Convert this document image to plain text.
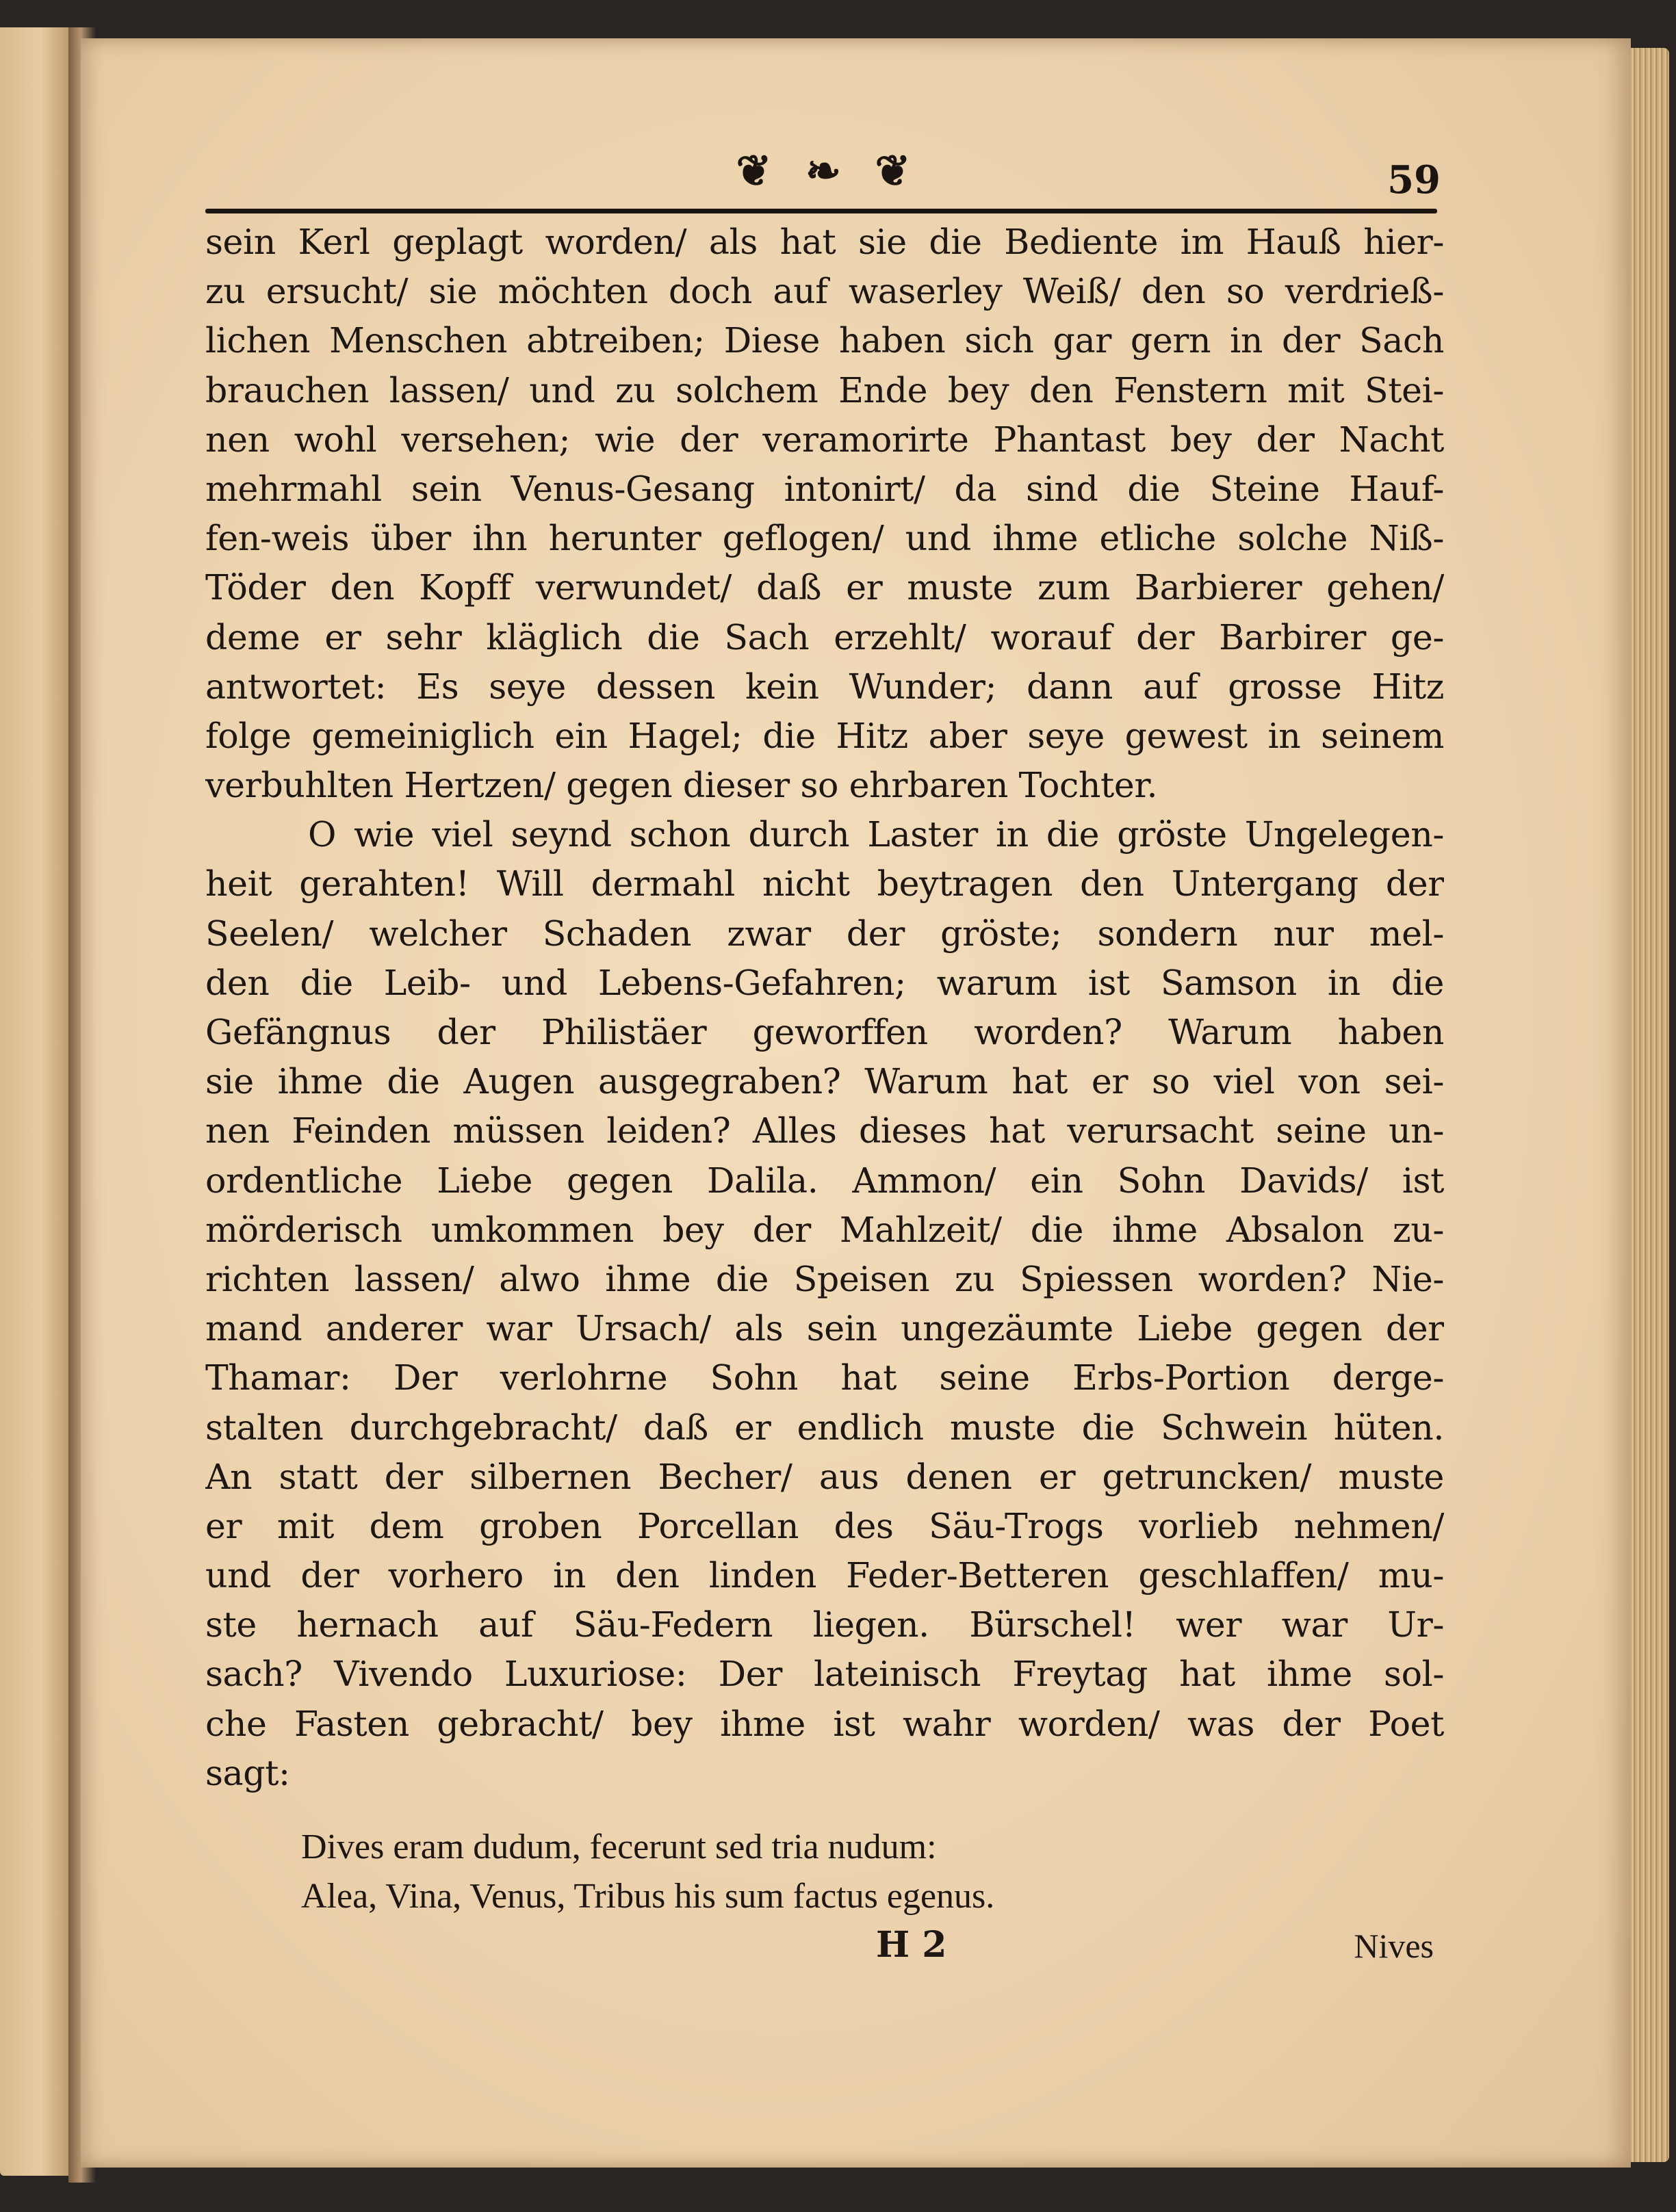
❦ ❧ ❦	59
sein Kerl geplagt worden/ als hat sie die Bediente im Hauß hier-
zu ersucht/ sie möchten doch auf waserley Weiß/ den so verdrieß-
lichen Menschen abtreiben; Diese haben sich gar gern in der Sach
brauchen lassen/ und zu solchem Ende bey den Fenstern mit Stei-
nen wohl versehen; wie der veramorirte Phantast bey der Nacht
mehrmahl sein Venus-Gesang intonirt/ da sind die Steine Hauf-
fen-weis über ihn herunter geflogen/ und ihme etliche solche Niß-
Töder den Kopff verwundet/ daß er muste zum Barbierer gehen/
deme er sehr kläglich die Sach erzehlt/ worauf der Barbirer ge-
antwortet: Es seye dessen kein Wunder; dann auf grosse Hitz
folge gemeiniglich ein Hagel; die Hitz aber seye gewest in seinem
verbuhlten Hertzen/ gegen dieser so ehrbaren Tochter.
O wie viel seynd schon durch Laster in die gröste Ungelegen-
heit gerahten! Will dermahl nicht beytragen den Untergang der
Seelen/ welcher Schaden zwar der gröste; sondern nur mel-
den die Leib- und Lebens-Gefahren; warum ist Samson in die
Gefängnus der Philistäer geworffen worden? Warum haben
sie ihme die Augen ausgegraben? Warum hat er so viel von sei-
nen Feinden müssen leiden? Alles dieses hat verursacht seine un-
ordentliche Liebe gegen Dalila. Ammon/ ein Sohn Davids/ ist
mörderisch umkommen bey der Mahlzeit/ die ihme Absalon zu-
richten lassen/ alwo ihme die Speisen zu Spiessen worden? Nie-
mand anderer war Ursach/ als sein ungezäumte Liebe gegen der
Thamar: Der verlohrne Sohn hat seine Erbs-Portion derge-
stalten durchgebracht/ daß er endlich muste die Schwein hüten.
An statt der silbernen Becher/ aus denen er getruncken/ muste
er mit dem groben Porcellan des Säu-Trogs vorlieb nehmen/
und der vorhero in den linden Feder-Betteren geschlaffen/ mu-
ste hernach auf Säu-Federn liegen. Bürschel! wer war Ur-
sach? Vivendo Luxuriose: Der lateinisch Freytag hat ihme sol-
che Fasten gebracht/ bey ihme ist wahr worden/ was der Poet
sagt:
Dives eram dudum, fecerunt sed tria nudum:
Alea, Vina, Venus, Tribus his sum factus egenus.
H 2	Nives
